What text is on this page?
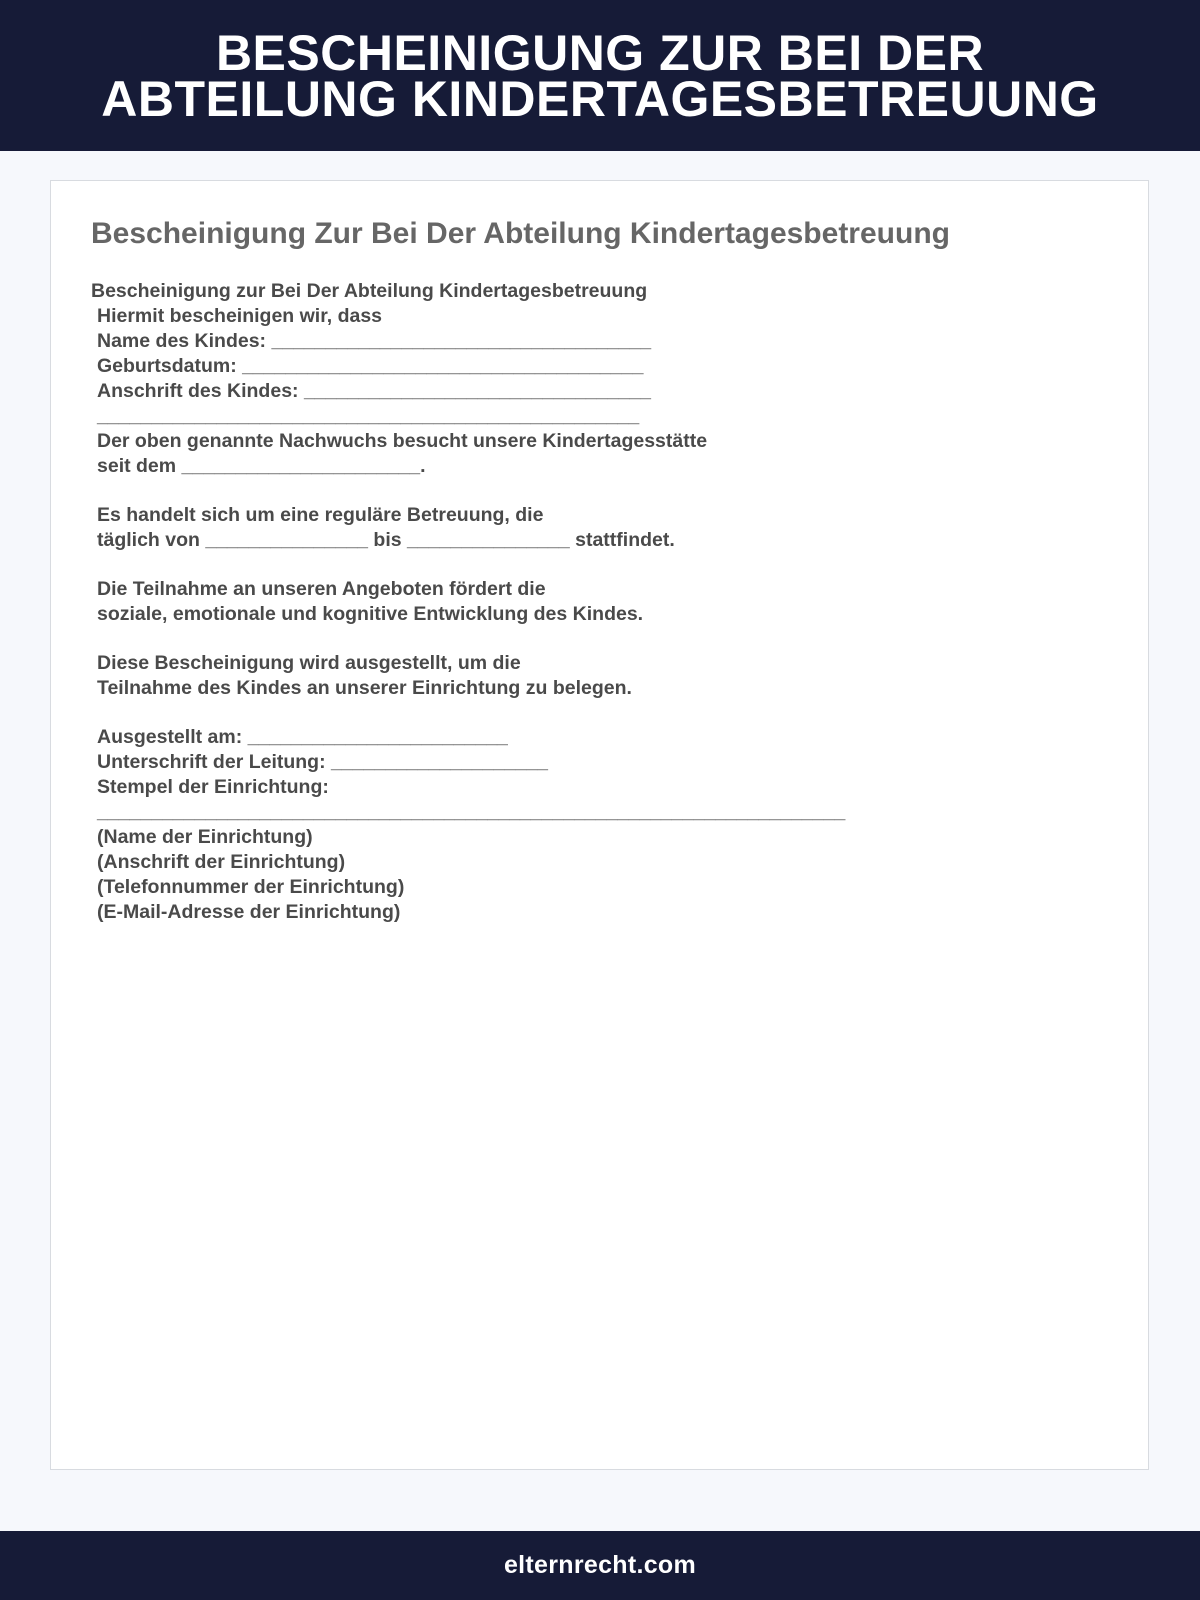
BESCHEINIGUNG ZUR BEI DER
ABTEILUNG KINDERTAGESBETREUUNG
Bescheinigung Zur Bei Der Abteilung Kindertagesbetreuung
Bescheinigung zur Bei Der Abteilung Kindertagesbetreuung
Hiermit bescheinigen wir, dass
Name des Kindes: ___________________________________
Geburtsdatum: _____________________________________
Anschrift des Kindes: ________________________________
__________________________________________________
Der oben genannte Nachwuchs besucht unsere Kindertagesstätte
seit dem ______________________.
Es handelt sich um eine reguläre Betreuung, die
täglich von _______________ bis _______________ stattfindet.
Die Teilnahme an unseren Angeboten fördert die
soziale, emotionale und kognitive Entwicklung des Kindes.
Diese Bescheinigung wird ausgestellt, um die
Teilnahme des Kindes an unserer Einrichtung zu belegen.
Ausgestellt am: ________________________
Unterschrift der Leitung: ____________________
Stempel der Einrichtung:
_____________________________________________________________________
(Name der Einrichtung)
(Anschrift der Einrichtung)
(Telefonnummer der Einrichtung)
(E-Mail-Adresse der Einrichtung)
elternrecht.com
